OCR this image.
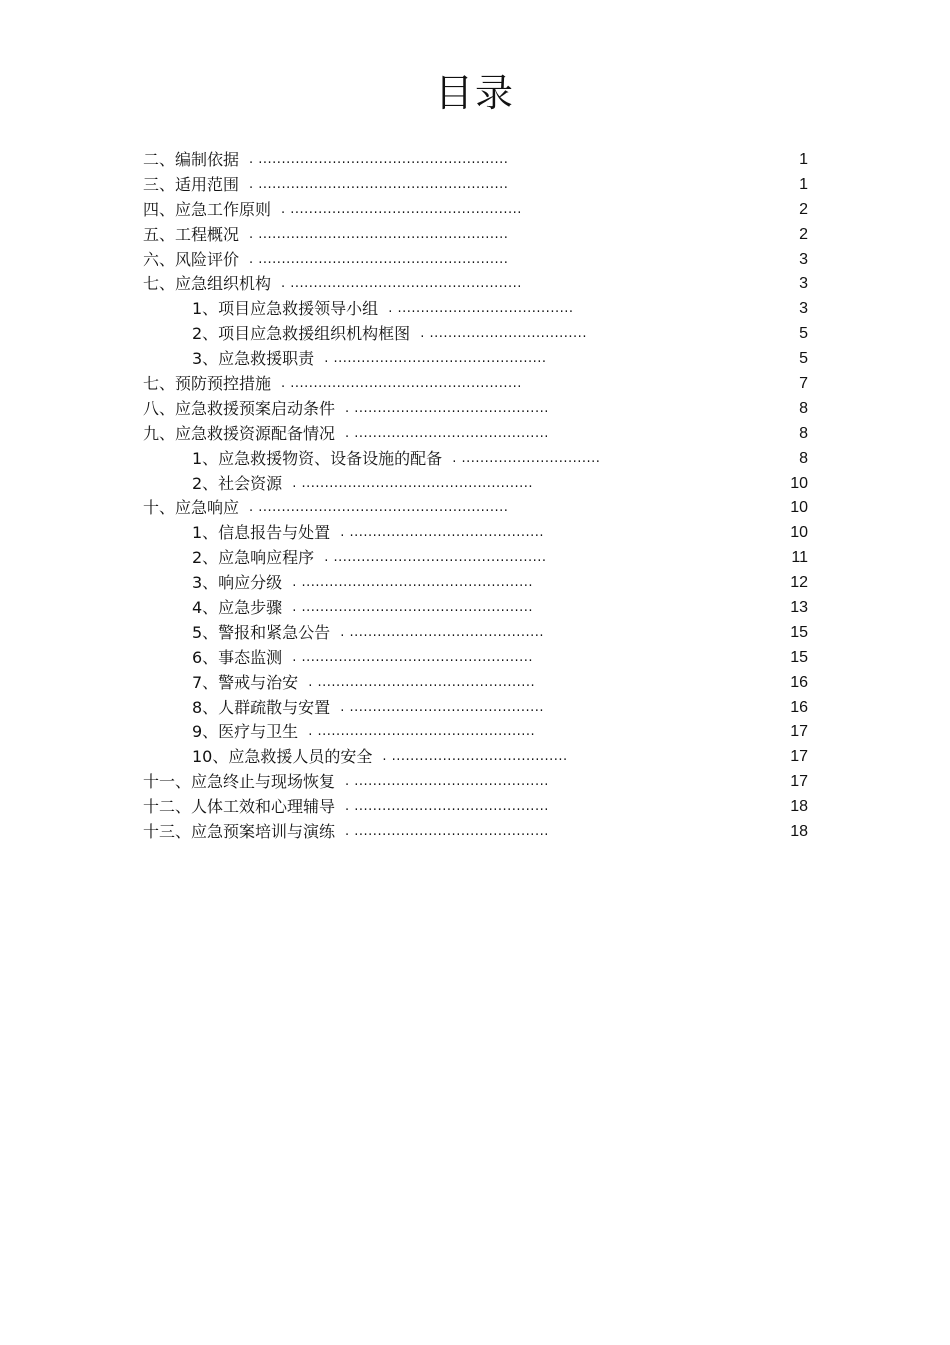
目录
二、编制依据 . ......................................................	1
三、适用范围 . ......................................................	1
四、应急工作原则 . ..................................................	2
五、工程概况 . ......................................................	2
六、风险评价 . ......................................................	3
七、应急组织机构 . ..................................................	3
1、项目应急救援领导小组 . ......................................	3
2、项目应急救援组织机构框图 . ..................................	5
3、应急救援职责 . ..............................................	5
七、预防预控措施 . ..................................................	7
八、应急救援预案启动条件 . ..........................................	8
九、应急救援资源配备情况 . ..........................................	8
1、应急救援物资、设备设施的配备 . ..............................	8
2、社会资源 . ..................................................	10
十、应急响应 . ......................................................	10
1、信息报告与处置 . ..........................................	10
2、应急响应程序 . ..............................................	11
3、响应分级 . ..................................................	12
4、应急步骤 . ..................................................	13
5、警报和紧急公告 . ..........................................	15
6、事态监测 . ..................................................	15
7、警戒与治安 . ...............................................	16
8、人群疏散与安置 . ..........................................	16
9、医疗与卫生 . ...............................................	17
10、应急救援人员的安全 . ......................................	17
十一、应急终止与现场恢复 . ..........................................	17
十二、人体工效和心理辅导 . ..........................................	18
十三、应急预案培训与演练 . ..........................................	18
